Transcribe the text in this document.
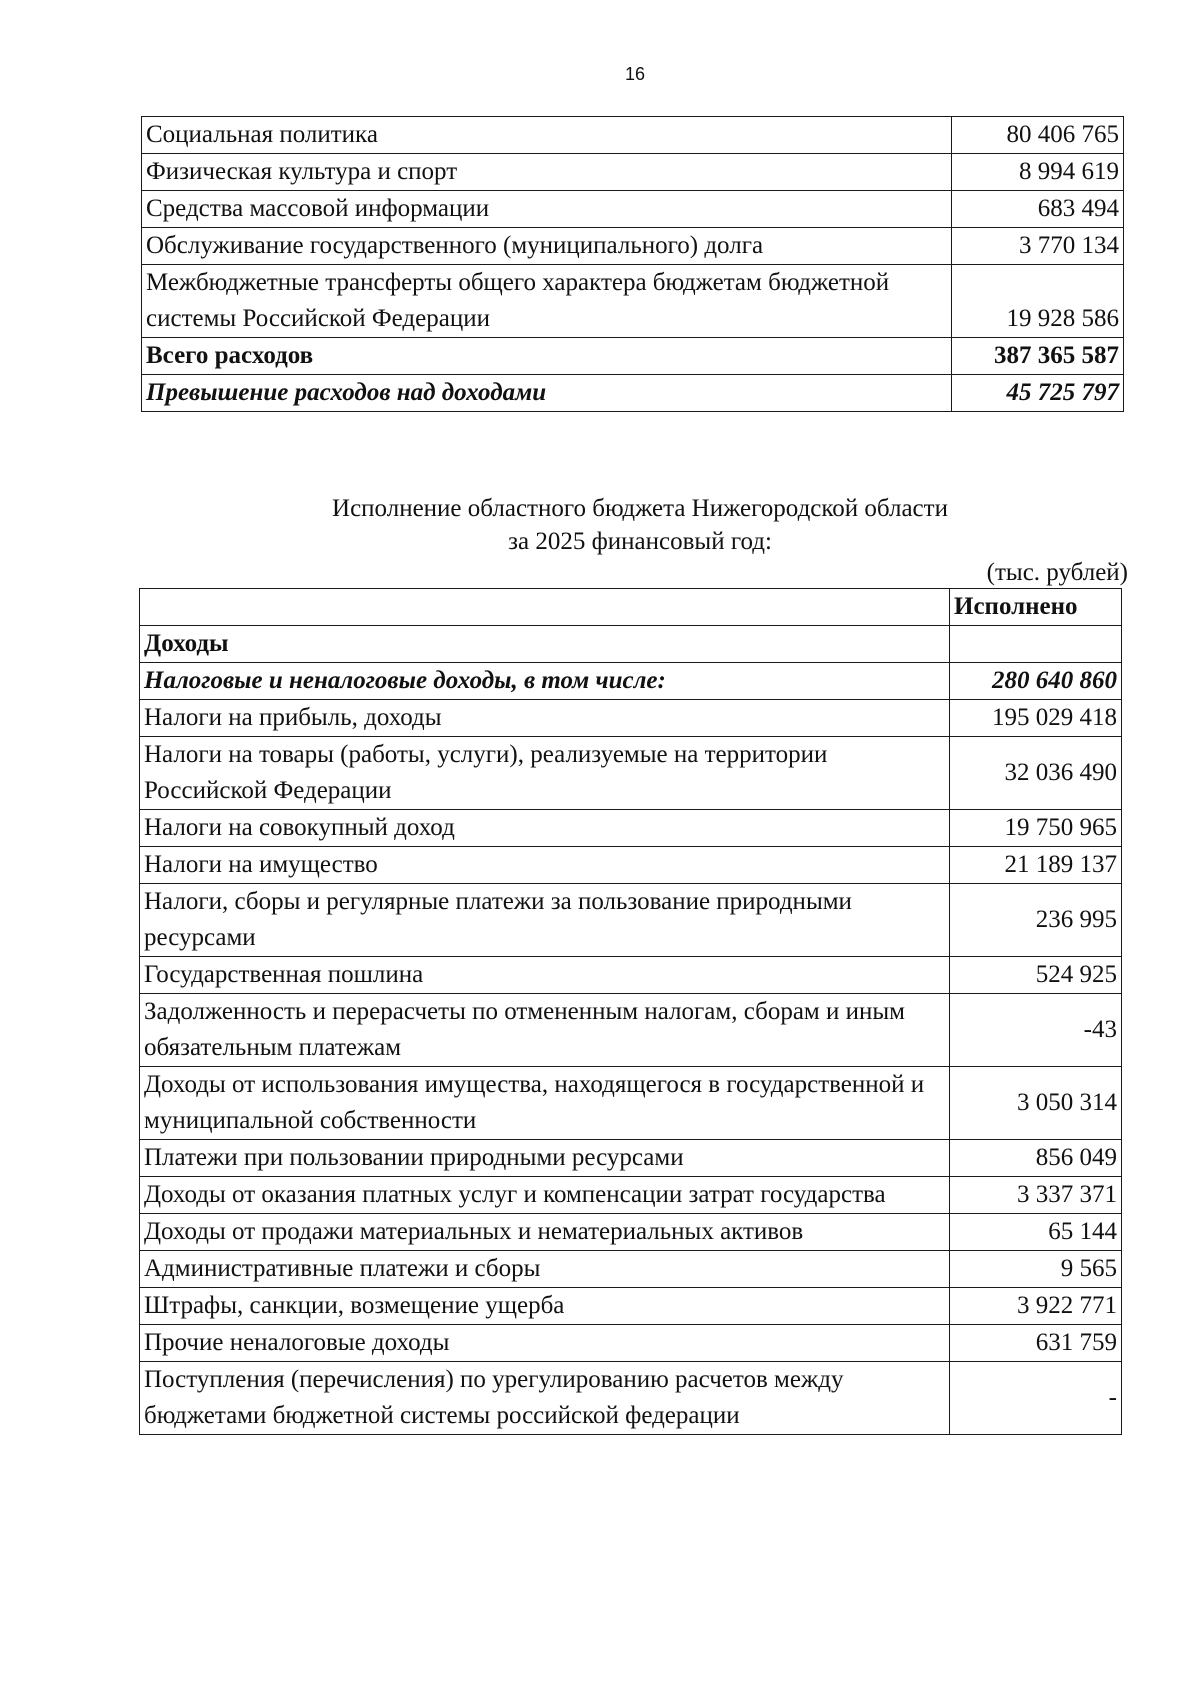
16
Социальная политика	80 406 765
Физическая культура и спорт	8 994 619
Средства массовой информации	683 494
Обслуживание государственного (муниципального) долга	3 770 134
Межбюджетные трансферты общего характера бюджетам бюджетной системы Российской Федерации	19 928 586
Всего расходов	387 365 587
Превышение расходов над доходами	45 725 797
Исполнение областного бюджета Нижегородской области
за 2025 финансовый год:
(тыс. рублей)
	Исполнено
Доходы	
Налоговые и неналоговые доходы, в том числе:	280 640 860
Налоги на прибыль, доходы	195 029 418
Налоги на товары (работы, услуги), реализуемые на территории Российской Федерации	32 036 490
Налоги на совокупный доход	19 750 965
Налоги на имущество	21 189 137
Налоги, сборы и регулярные платежи за пользование природными ресурсами	236 995
Государственная пошлина	524 925
Задолженность и перерасчеты по отмененным налогам, сборам и иным обязательным платежам	-43
Доходы от использования имущества, находящегося в государственной и муниципальной собственности	3 050 314
Платежи при пользовании природными ресурсами	856 049
Доходы от оказания платных услуг и компенсации затрат государства	3 337 371
Доходы от продажи материальных и нематериальных активов	65 144
Административные платежи и сборы	9 565
Штрафы, санкции, возмещение ущерба	3 922 771
Прочие неналоговые доходы	631 759
Поступления (перечисления) по урегулированию расчетов между бюджетами бюджетной системы российской федерации	-
